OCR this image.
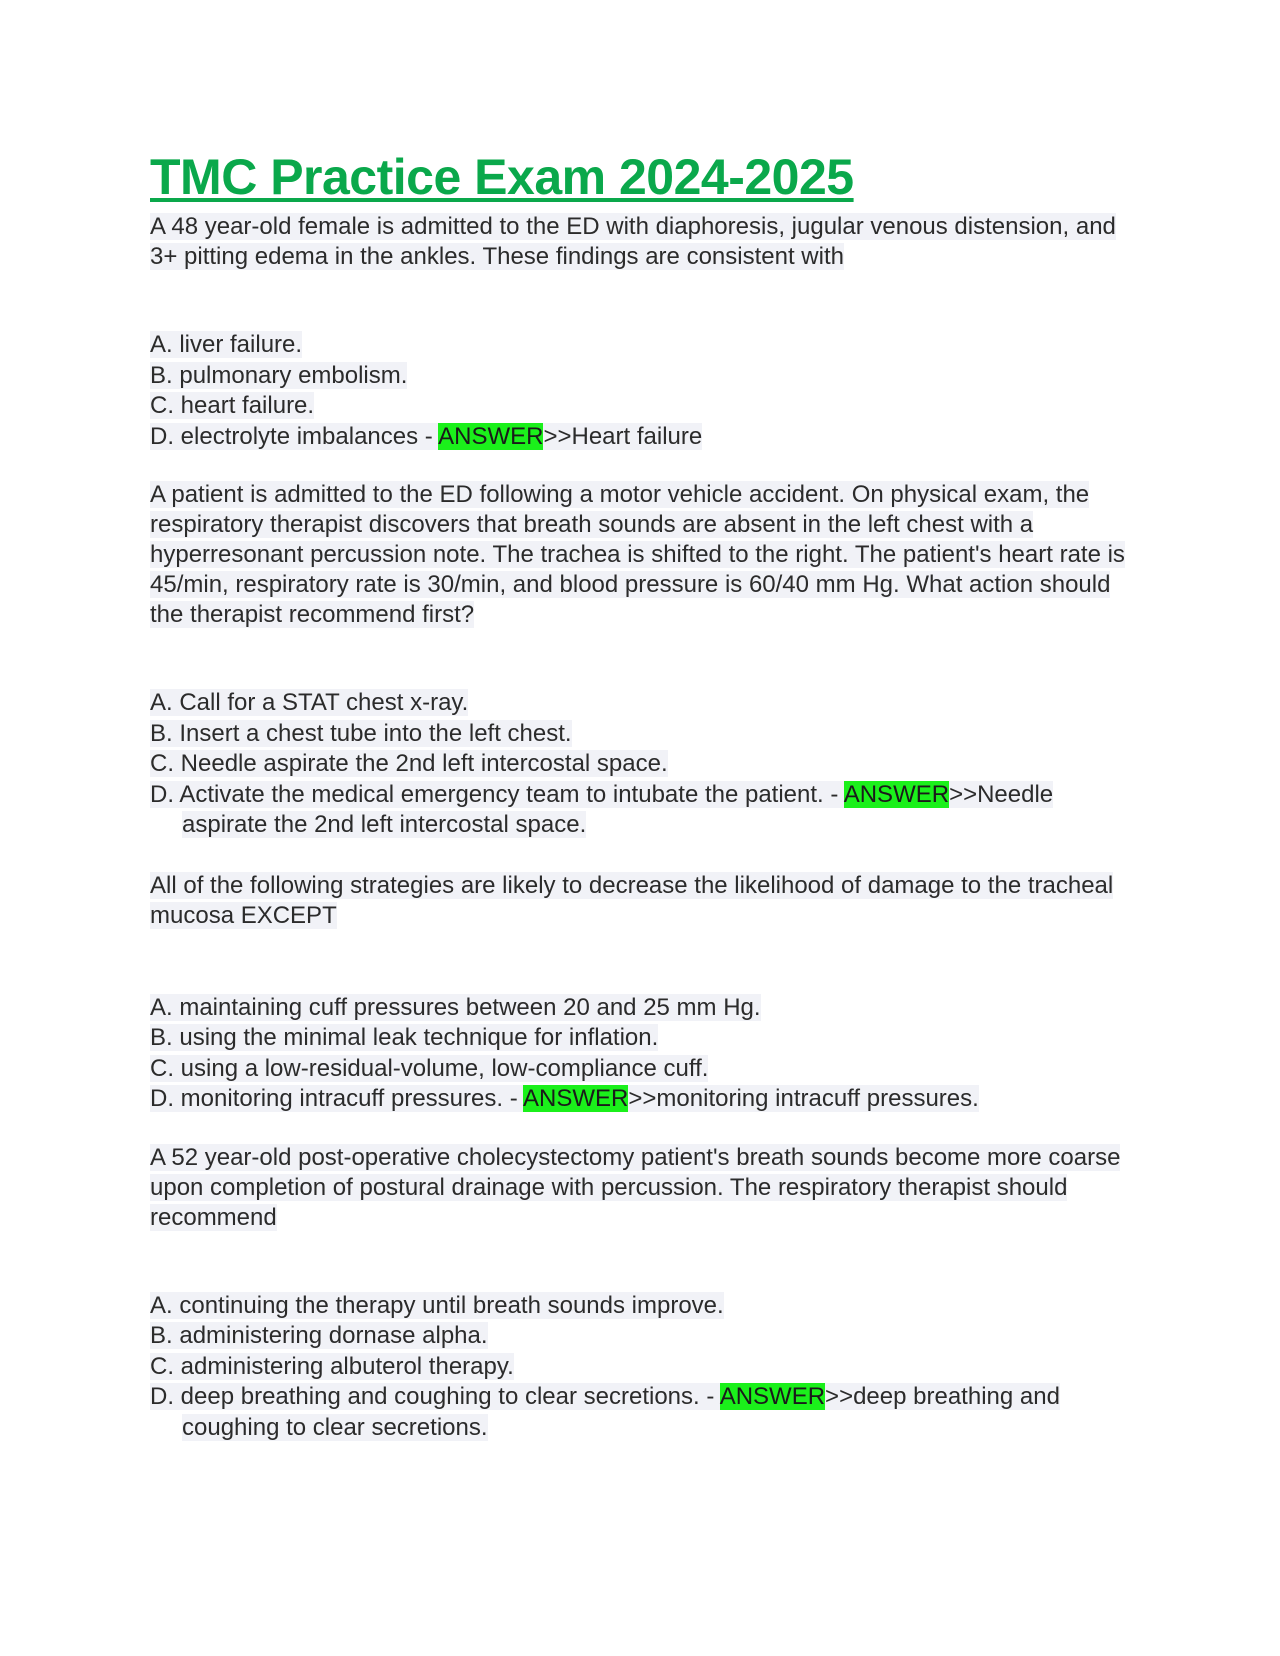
TMC Practice Exam 2024-2025

A 48 year-old female is admitted to the ED with diaphoresis, jugular venous distension, and 3+ pitting edema in the ankles. These findings are consistent with

A. liver failure.
B. pulmonary embolism.
C. heart failure.
D. electrolyte imbalances - ANSWER>>Heart failure

A patient is admitted to the ED following a motor vehicle accident. On physical exam, the respiratory therapist discovers that breath sounds are absent in the left chest with a hyperresonant percussion note. The trachea is shifted to the right. The patient's heart rate is 45/min, respiratory rate is 30/min, and blood pressure is 60/40 mm Hg. What action should the therapist recommend first?

A. Call for a STAT chest x-ray.
B. Insert a chest tube into the left chest.
C. Needle aspirate the 2nd left intercostal space.
D. Activate the medical emergency team to intubate the patient. - ANSWER>>Needle aspirate the 2nd left intercostal space.

All of the following strategies are likely to decrease the likelihood of damage to the tracheal mucosa EXCEPT

A. maintaining cuff pressures between 20 and 25 mm Hg.
B. using the minimal leak technique for inflation.
C. using a low-residual-volume, low-compliance cuff.
D. monitoring intracuff pressures. - ANSWER>>monitoring intracuff pressures.

A 52 year-old post-operative cholecystectomy patient's breath sounds become more coarse upon completion of postural drainage with percussion. The respiratory therapist should recommend

A. continuing the therapy until breath sounds improve.
B. administering dornase alpha.
C. administering albuterol therapy.
D. deep breathing and coughing to clear secretions. - ANSWER>>deep breathing and coughing to clear secretions.
